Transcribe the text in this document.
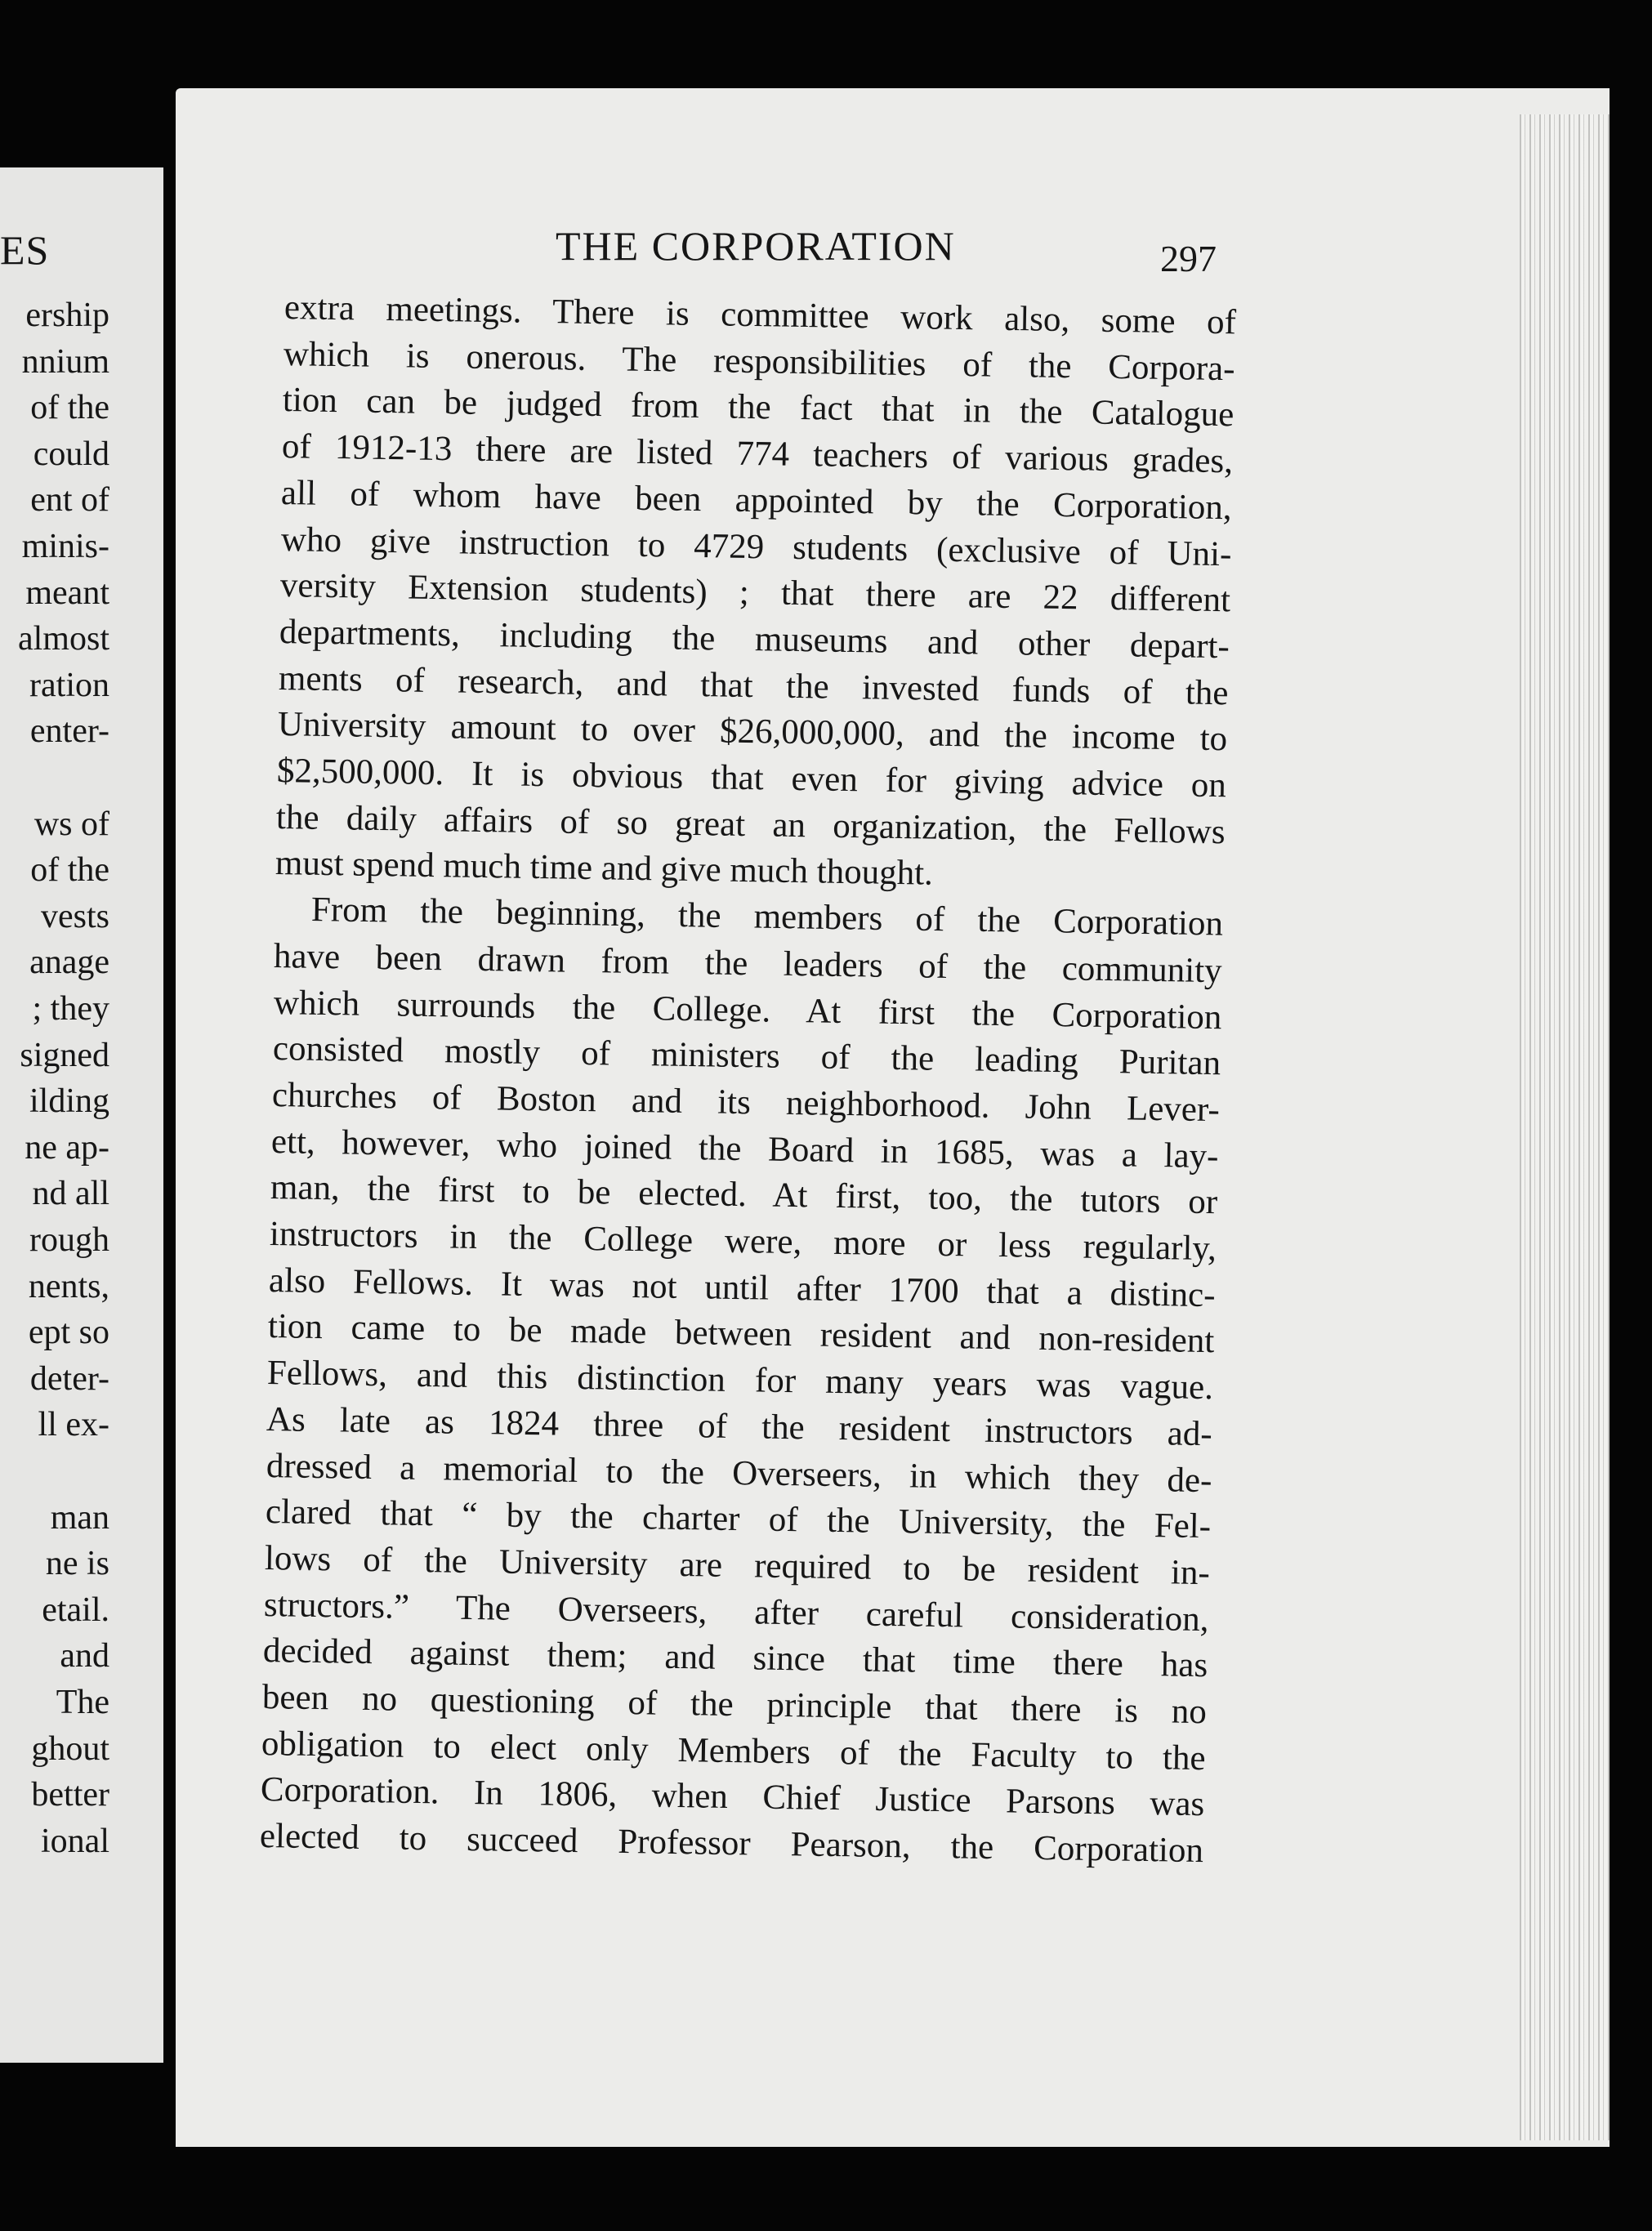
ES
ership
nnium
of the
could
ent of
minis-
meant
almost
ration
enter-
ws of
of the
vests
anage
; they
signed
ilding
ne ap-
nd all
rough
nents,
ept so
deter-
ll ex-
man
ne is
etail.
and
The
ghout
better
ional
THE CORPORATION	297
extra meetings. There is committee work also, some of
which is onerous. The responsibilities of the Corpora-
tion can be judged from the fact that in the Catalogue
of 1912-13 there are listed 774 teachers of various grades,
all of whom have been appointed by the Corporation,
who give instruction to 4729 students (exclusive of Uni-
versity Extension students) ; that there are 22 different
departments, including the museums and other depart-
ments of research, and that the invested funds of the
University amount to over $26,000,000, and the income to
$2,500,000. It is obvious that even for giving advice on
the daily affairs of so great an organization, the Fellows
must spend much time and give much thought.
From the beginning, the members of the Corporation
have been drawn from the leaders of the community
which surrounds the College. At first the Corporation
consisted mostly of ministers of the leading Puritan
churches of Boston and its neighborhood. John Lever-
ett, however, who joined the Board in 1685, was a lay-
man, the first to be elected. At first, too, the tutors or
instructors in the College were, more or less regularly,
also Fellows. It was not until after 1700 that a distinc-
tion came to be made between resident and non-resident
Fellows, and this distinction for many years was vague.
As late as 1824 three of the resident instructors ad-
dressed a memorial to the Overseers, in which they de-
clared that “ by the charter of the University, the Fel-
lows of the University are required to be resident in-
structors.” The Overseers, after careful consideration,
decided against them; and since that time there has
been no questioning of the principle that there is no
obligation to elect only Members of the Faculty to the
Corporation. In 1806, when Chief Justice Parsons was
elected to succeed Professor Pearson, the Corporation
